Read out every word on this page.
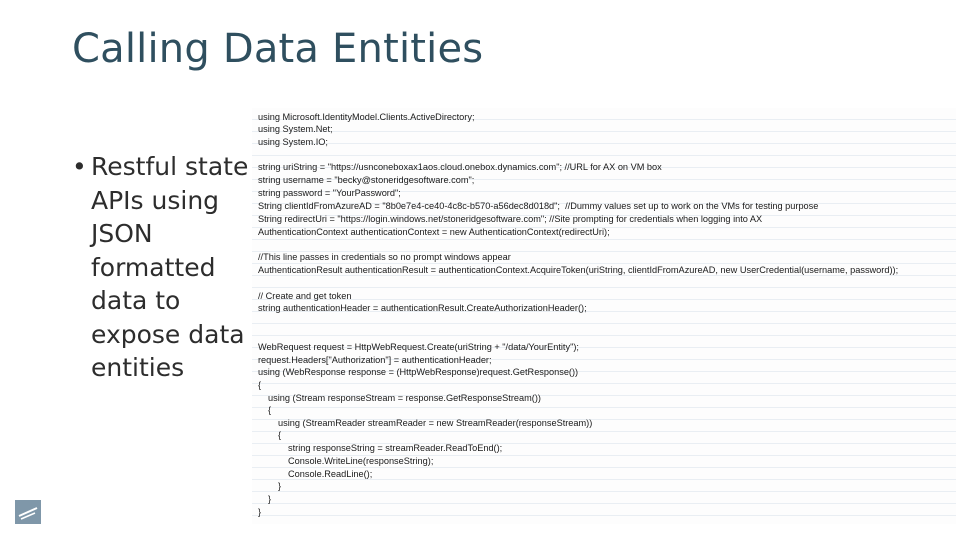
Calling Data Entities
• Restful state APIs using JSON formatted data to expose data entities
using Microsoft.IdentityModel.Clients.ActiveDirectory;
using System.Net;
using System.IO;
string uriString = "https://usnconeboxax1aos.cloud.onebox.dynamics.com"; //URL for AX on VM box
string username = "becky@stoneridgesoftware.com";
string password = "YourPassword";
String clientIdFromAzureAD = "8b0e7e4-ce40-4c8c-b570-a56dec8d018d";  //Dummy values set up to work on the VMs for testing purpose
String redirectUri = "https://login.windows.net/stoneridgesoftware.com"; //Site prompting for credentials when logging into AX
AuthenticationContext authenticationContext = new AuthenticationContext(redirectUri);
//This line passes in credentials so no prompt windows appear
AuthenticationResult authenticationResult = authenticationContext.AcquireToken(uriString, clientIdFromAzureAD, new UserCredential(username, password));
// Create and get token
string authenticationHeader = authenticationResult.CreateAuthorizationHeader();
WebRequest request = HttpWebRequest.Create(uriString + "/data/YourEntity");
request.Headers["Authorization"] = authenticationHeader;
using (WebResponse response = (HttpWebResponse)request.GetResponse())
{
using (Stream responseStream = response.GetResponseStream())
{
using (StreamReader streamReader = new StreamReader(responseStream))
{
string responseString = streamReader.ReadToEnd();
Console.WriteLine(responseString);
Console.ReadLine();
}
}
}
